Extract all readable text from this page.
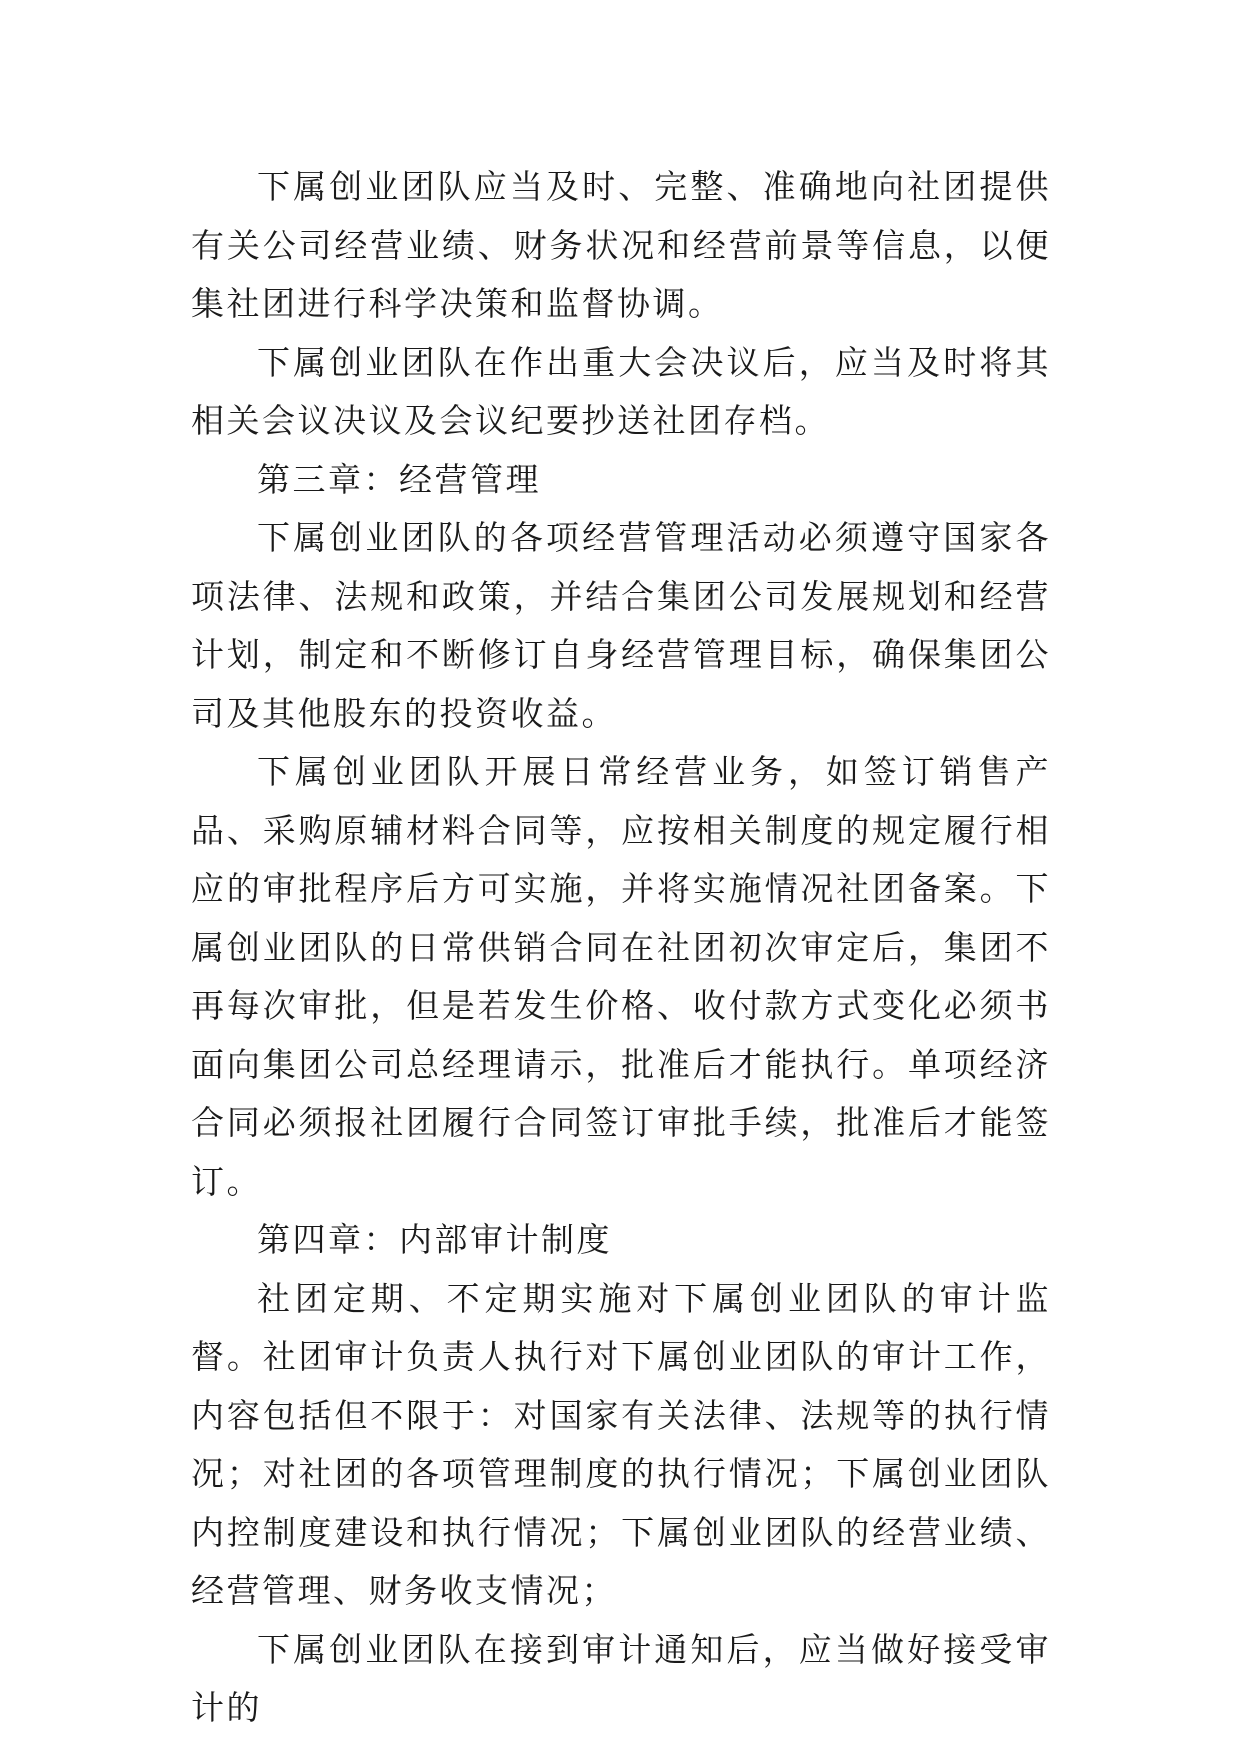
下属创业团队应当及时、完整、准确地向社团提供有关公司经营业绩、财务状况和经营前景等信息，以便集社团进行科学决策和监督协调。

下属创业团队在作出重大会决议后，应当及时将其相关会议决议及会议纪要抄送社团存档。

第三章：经营管理

下属创业团队的各项经营管理活动必须遵守国家各项法律、法规和政策，并结合集团公司发展规划和经营计划，制定和不断修订自身经营管理目标，确保集团公司及其他股东的投资收益。

下属创业团队开展日常经营业务，如签订销售产品、采购原辅材料合同等，应按相关制度的规定履行相应的审批程序后方可实施，并将实施情况社团备案。下属创业团队的日常供销合同在社团初次审定后，集团不再每次审批，但是若发生价格、收付款方式变化必须书面向集团公司总经理请示，批准后才能执行。单项经济合同必须报社团履行合同签订审批手续，批准后才能签订。

第四章：内部审计制度

社团定期、不定期实施对下属创业团队的审计监督。社团审计负责人执行对下属创业团队的审计工作，内容包括但不限于：对国家有关法律、法规等的执行情况；对社团的各项管理制度的执行情况；下属创业团队内控制度建设和执行情况；下属创业团队的经营业绩、经营管理、财务收支情况；

下属创业团队在接到审计通知后，应当做好接受审计的
